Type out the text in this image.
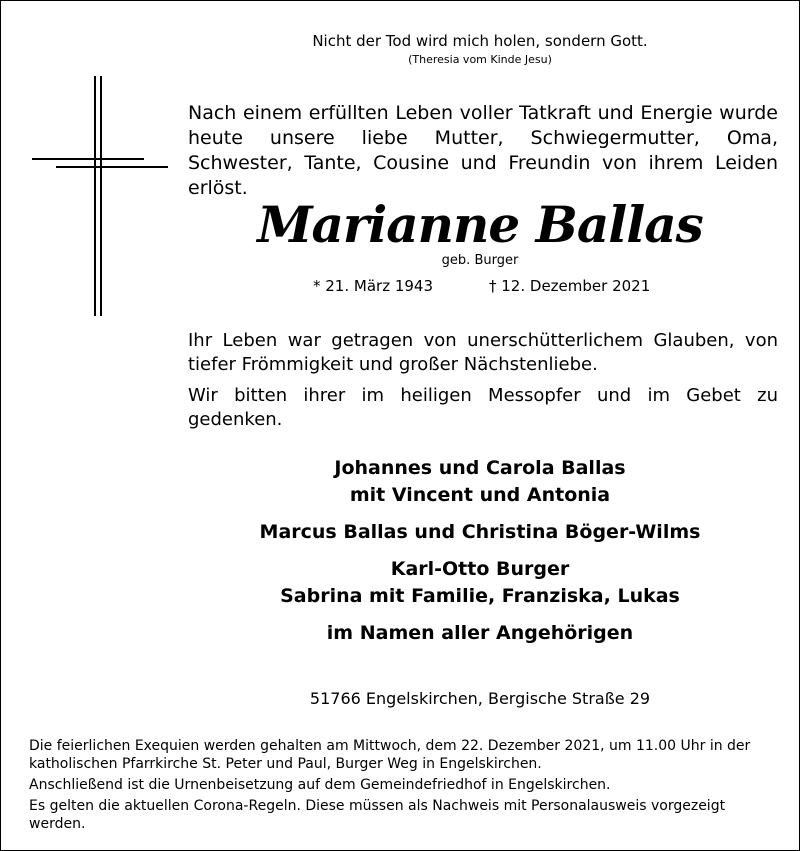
Nicht der Tod wird mich holen, sondern Gott.
(Theresia vom Kinde Jesu)

Nach einem erfüllten Leben voller Tatkraft und Energie wurde heute unsere liebe Mutter, Schwiegermutter, Oma, Schwester, Tante, Cousine und Freundin von ihrem Leiden erlöst.

Marianne Ballas
geb. Burger
* 21. März 1943	† 12. Dezember 2021

Ihr Leben war getragen von unerschütterlichem Glauben, von tiefer Frömmigkeit und großer Nächstenliebe.

Wir bitten ihrer im heiligen Messopfer und im Gebet zu gedenken.

Johannes und Carola Ballas
mit Vincent und Antonia
Marcus Ballas und Christina Böger-Wilms
Karl-Otto Burger
Sabrina mit Familie, Franziska, Lukas
im Namen aller Angehörigen
51766 Engelskirchen, Bergische Straße 29

Die feierlichen Exequien werden gehalten am Mittwoch, dem 22. Dezember 2021, um 11.00 Uhr in der katholischen Pfarrkirche St. Peter und Paul, Burger Weg in Engelskirchen.

Anschließend ist die Urnenbeisetzung auf dem Gemeindefriedhof in Engelskirchen.

Es gelten die aktuellen Corona-Regeln. Diese müssen als Nachweis mit Personalausweis vorgezeigt werden.
